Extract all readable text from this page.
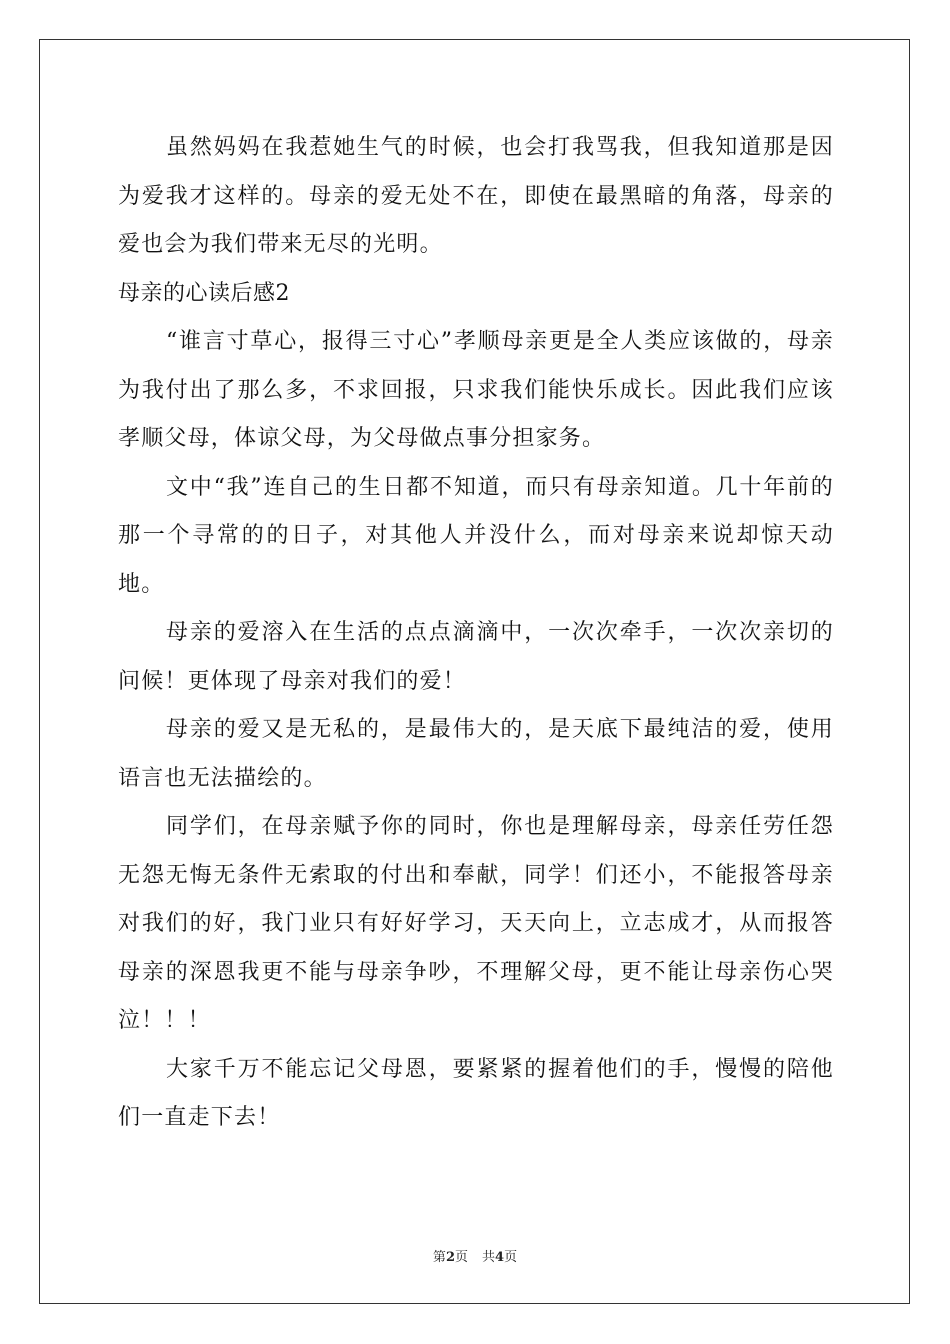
虽然妈妈在我惹她生气的时候，也会打我骂我，但我知道那是因为爱我才这样的。母亲的爱无处不在，即使在最黑暗的角落，母亲的爱也会为我们带来无尽的光明。

母亲的心读后感2

“谁言寸草心，报得三寸心”孝顺母亲更是全人类应该做的，母亲为我付出了那么多，不求回报，只求我们能快乐成长。因此我们应该孝顺父母，体谅父母，为父母做点事分担家务。

文中“我”连自己的生日都不知道，而只有母亲知道。几十年前的那一个寻常的的日子，对其他人并没什么，而对母亲来说却惊天动地。

母亲的爱溶入在生活的点点滴滴中，一次次牵手，一次次亲切的问候！更体现了母亲对我们的爱！

母亲的爱又是无私的，是最伟大的，是天底下最纯洁的爱，使用语言也无法描绘的。

同学们，在母亲赋予你的同时，你也是理解母亲，母亲任劳任怨无怨无悔无条件无索取的付出和奉献，同学！们还小，不能报答母亲对我们的好，我门业只有好好学习，天天向上，立志成才，从而报答母亲的深恩我更不能与母亲争吵，不理解父母，更不能让母亲伤心哭泣！！！

大家千万不能忘记父母恩，要紧紧的握着他们的手，慢慢的陪他们一直走下去！

第2页 共4页
